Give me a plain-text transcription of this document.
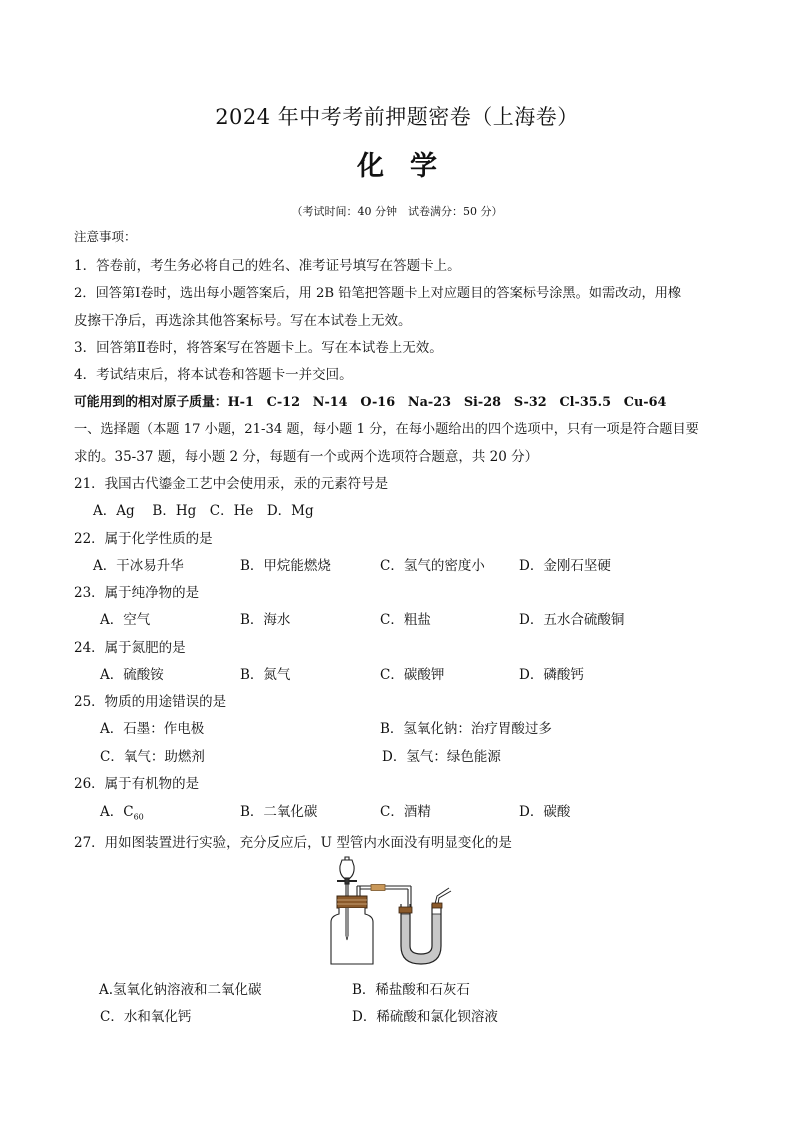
2024 年中考考前押题密卷（上海卷）
化 学
（考试时间：40 分钟　试卷满分：50 分）
注意事项：
1．答卷前，考生务必将自己的姓名、准考证号填写在答题卡上。
2．回答第Ⅰ卷时，选出每小题答案后，用 2B 铅笔把答题卡上对应题目的答案标号涂黑。如需改动，用橡
皮擦干净后，再选涂其他答案标号。写在本试卷上无效。
3．回答第Ⅱ卷时，将答案写在答题卡上。写在本试卷上无效。
4．考试结束后，将本试卷和答题卡一并交回。
可能用到的相对原子质量：H-1　C-12　N-14　O-16　Na-23　Si-28　S-32　Cl-35.5　Cu-64
一、选择题（本题 17 小题，21-34 题，每小题 1 分，在每小题给出的四个选项中，只有一项是符合题目要
求的。35-37 题，每小题 2 分，每题有一个或两个选项符合题意，共 20 分）
21．我国古代鎏金工艺中会使用汞，汞的元素符号是
A．Ag　 B．Hg　C．He　D．Mg
22．属于化学性质的是
A．干冰易升华	B．甲烷能燃烧	C．氢气的密度小	D．金刚石坚硬
23．属于纯净物的是
A．空气	B．海水	C．粗盐	D．五水合硫酸铜
24．属于氮肥的是
A．硫酸铵	B．氮气	C．碳酸钾	D．磷酸钙
25．物质的用途错误的是
A．石墨：作电极	B．氢氧化钠：治疗胃酸过多
C．氧气：助燃剂	D．氢气：绿色能源
26．属于有机物的是
A．$C_{60}$	B．二氧化碳	C．酒精	D．碳酸
27．用如图装置进行实验，充分反应后，U 型管内水面没有明显变化的是
A.氢氧化钠溶液和二氧化碳	B．稀盐酸和石灰石
C．水和氧化钙	D．稀硫酸和氯化钡溶液
